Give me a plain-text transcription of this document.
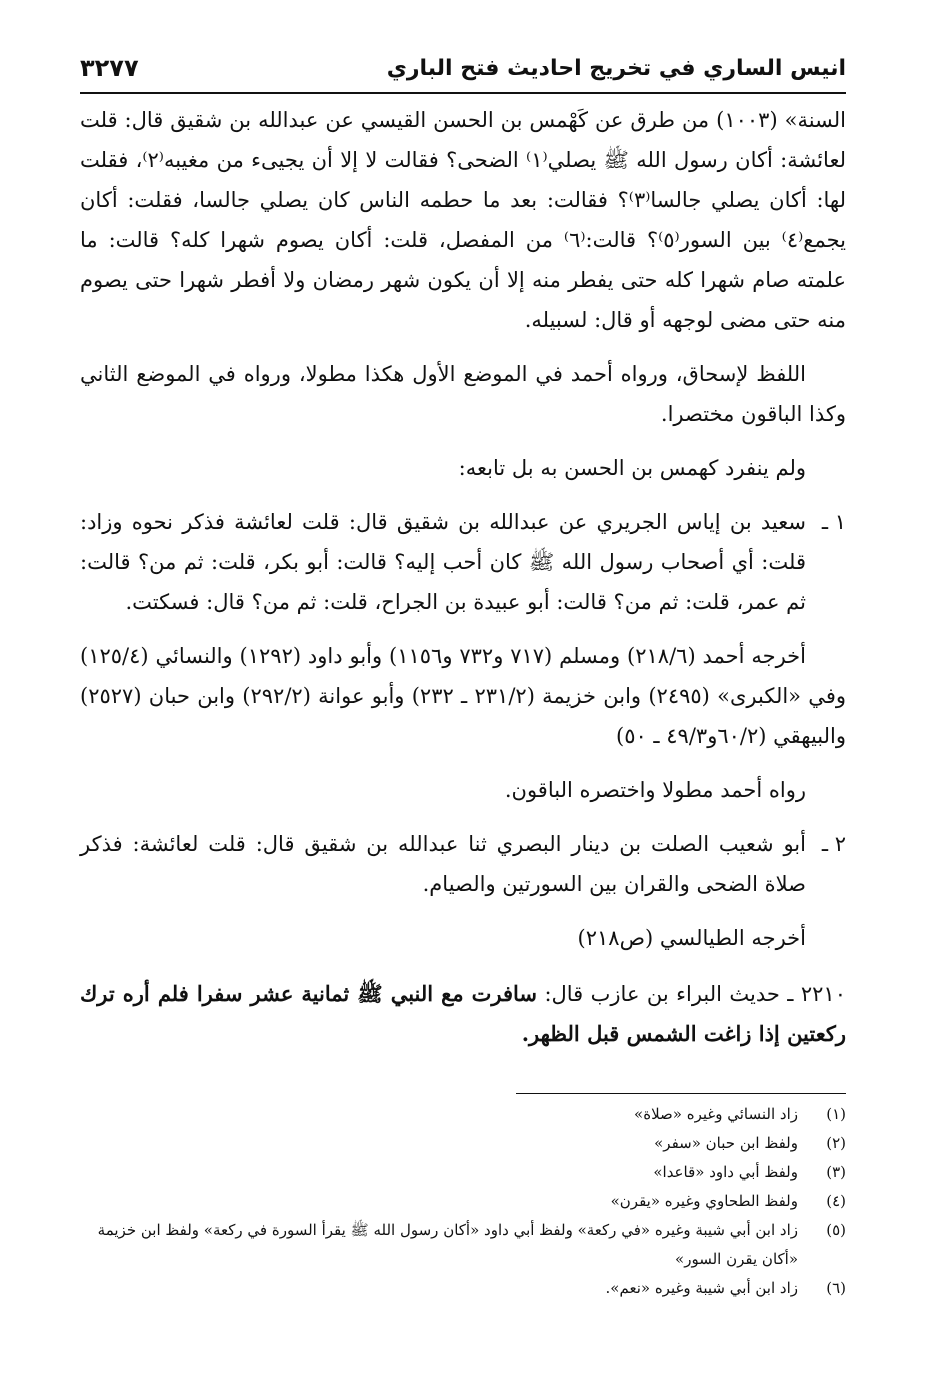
انيس الساري في تخريج احاديث فتح الباري
٣٢٧٧

السنة» (١٠٠٣) من طرق عن كَهْمس بن الحسن القيسي عن عبدالله بن شقيق قال: قلت لعائشة: أكان رسول الله ﷺ يصلي⁽١⁾ الضحى؟ فقالت لا إلا أن يجيىء من مغيبه⁽٢⁾، فقلت لها: أكان يصلي جالسا⁽٣⁾؟ فقالت: بعد ما حطمه الناس كان يصلي جالسا، فقلت: أكان يجمع⁽٤⁾ بين السور⁽٥⁾؟ قالت:⁽٦⁾ من المفصل، قلت: أكان يصوم شهرا كله؟ قالت: ما علمته صام شهرا كله حتى يفطر منه إلا أن يكون شهر رمضان ولا أفطر شهرا حتى يصوم منه حتى مضى لوجهه أو قال: لسبيله.

اللفظ لإسحاق، ورواه أحمد في الموضع الأول هكذا مطولا، ورواه في الموضع الثاني وكذا الباقون مختصرا.

ولم ينفرد كهمس بن الحسن به بل تابعه:

١ ـ
سعيد بن إياس الجريري عن عبدالله بن شقيق قال: قلت لعائشة فذكر نحوه وزاد: قلت: أي أصحاب رسول الله ﷺ كان أحب إليه؟ قالت: أبو بكر، قلت: ثم من؟ قالت: ثم عمر، قلت: ثم من؟ قالت: أبو عبيدة بن الجراح، قلت: ثم من؟ قال: فسكتت.

أخرجه أحمد (٢١٨/٦) ومسلم (٧١٧ و٧٣٢ و١١٥٦) وأبو داود (١٢٩٢) والنسائي (١٢٥/٤) وفي «الكبرى» (٢٤٩٥) وابن خزيمة (٢٣١/٢ ـ ٢٣٢) وأبو عوانة (٢٩٢/٢) وابن حبان (٢٥٢٧) والبيهقي (٦٠/٢و٤٩/٣ ـ ٥٠)

رواه أحمد مطولا واختصره الباقون.

٢ ـ
أبو شعيب الصلت بن دينار البصري ثنا عبدالله بن شقيق قال: قلت لعائشة: فذكر صلاة الضحى والقران بين السورتين والصيام.

أخرجه الطيالسي (ص٢١٨)

٢٢١٠ ـ حديث البراء بن عازب قال: سافرت مع النبي ﷺ ثمانية عشر سفرا فلم أره ترك ركعتين إذا زاغت الشمس قبل الظهر.

(١)
زاد النسائي وغيره «صلاة»
(٢)
ولفظ ابن حبان «سفر»
(٣)
ولفظ أبي داود «قاعدا»
(٤)
ولفظ الطحاوي وغيره «يقرن»
(٥)
زاد ابن أبي شيبة وغيره «في ركعة» ولفظ أبي داود «أكان رسول الله ﷺ يقرأ السورة في ركعة» ولفظ ابن خزيمة «أكان يقرن السور»
(٦)
زاد ابن أبي شيبة وغيره «نعم».
